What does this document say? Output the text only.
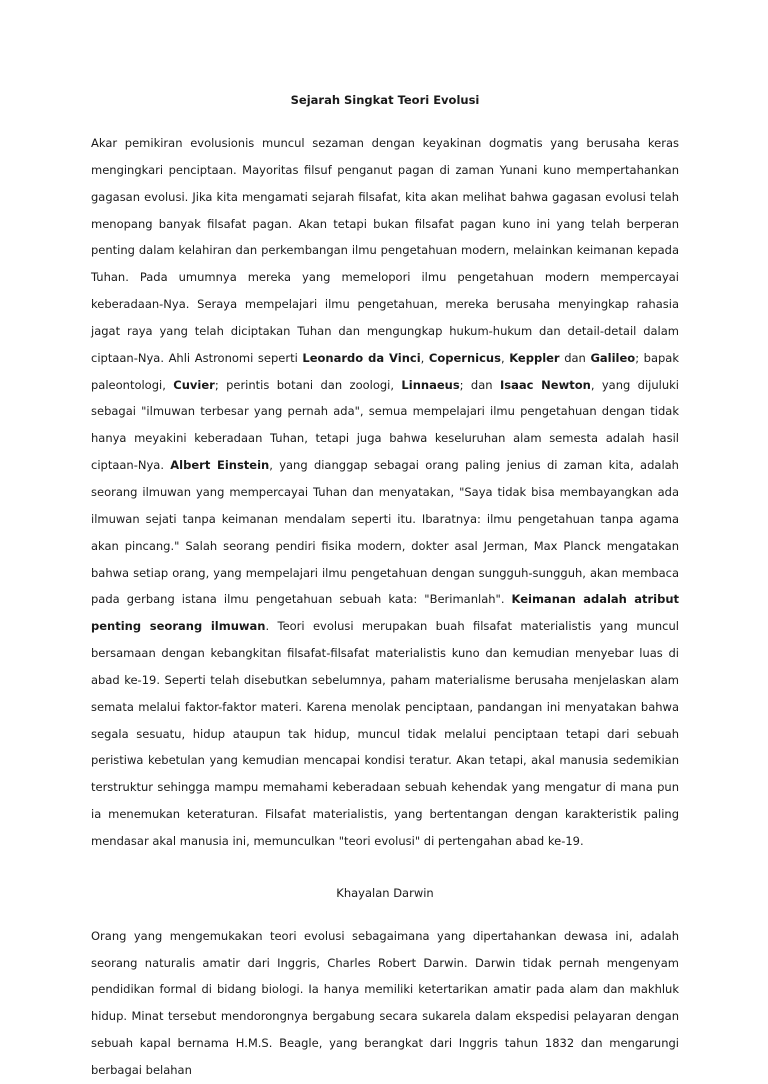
Sejarah Singkat Teori Evolusi

Akar pemikiran evolusionis muncul sezaman dengan keyakinan dogmatis yang berusaha keras mengingkari penciptaan. Mayoritas filsuf penganut pagan di zaman Yunani kuno mempertahankan gagasan evolusi. Jika kita mengamati sejarah filsafat, kita akan melihat bahwa gagasan evolusi telah menopang banyak filsafat pagan. Akan tetapi bukan filsafat pagan kuno ini yang telah berperan penting dalam kelahiran dan perkembangan ilmu pengetahuan modern, melainkan keimanan kepada Tuhan. Pada umumnya mereka yang memelopori ilmu pengetahuan modern mempercayai keberadaan-Nya. Seraya mempelajari ilmu pengetahuan, mereka berusaha menyingkap rahasia jagat raya yang telah diciptakan Tuhan dan mengungkap hukum-hukum dan detail-detail dalam ciptaan-Nya. Ahli Astronomi seperti Leonardo da Vinci, Copernicus, Keppler dan Galileo; bapak paleontologi, Cuvier; perintis botani dan zoologi, Linnaeus; dan Isaac Newton, yang dijuluki sebagai "ilmuwan terbesar yang pernah ada", semua mempelajari ilmu pengetahuan dengan tidak hanya meyakini keberadaan Tuhan, tetapi juga bahwa keseluruhan alam semesta adalah hasil ciptaan-Nya. Albert Einstein, yang dianggap sebagai orang paling jenius di zaman kita, adalah seorang ilmuwan yang mempercayai Tuhan dan menyatakan, "Saya tidak bisa membayangkan ada ilmuwan sejati tanpa keimanan mendalam seperti itu. Ibaratnya: ilmu pengetahuan tanpa agama akan pincang." Salah seorang pendiri fisika modern, dokter asal Jerman, Max Planck mengatakan bahwa setiap orang, yang mempelajari ilmu pengetahuan dengan sungguh-sungguh, akan membaca pada gerbang istana ilmu pengetahuan sebuah kata: "Berimanlah". Keimanan adalah atribut penting seorang ilmuwan. Teori evolusi merupakan buah filsafat materialistis yang muncul bersamaan dengan kebangkitan filsafat-filsafat materialistis kuno dan kemudian menyebar luas di abad ke-19. Seperti telah disebutkan sebelumnya, paham materialisme berusaha menjelaskan alam semata melalui faktor-faktor materi. Karena menolak penciptaan, pandangan ini menyatakan bahwa segala sesuatu, hidup ataupun tak hidup, muncul tidak melalui penciptaan tetapi dari sebuah peristiwa kebetulan yang kemudian mencapai kondisi teratur. Akan tetapi, akal manusia sedemikian terstruktur sehingga mampu memahami keberadaan sebuah kehendak yang mengatur di mana pun ia menemukan keteraturan. Filsafat materialistis, yang bertentangan dengan karakteristik paling mendasar akal manusia ini, memunculkan "teori evolusi" di pertengahan abad ke-19.

Khayalan Darwin

Orang yang mengemukakan teori evolusi sebagaimana yang dipertahankan dewasa ini, adalah seorang naturalis amatir dari Inggris, Charles Robert Darwin. Darwin tidak pernah mengenyam pendidikan formal di bidang biologi. Ia hanya memiliki ketertarikan amatir pada alam dan makhluk hidup. Minat tersebut mendorongnya bergabung secara sukarela dalam ekspedisi pelayaran dengan sebuah kapal bernama H.M.S. Beagle, yang berangkat dari Inggris tahun 1832 dan mengarungi berbagai belahan
